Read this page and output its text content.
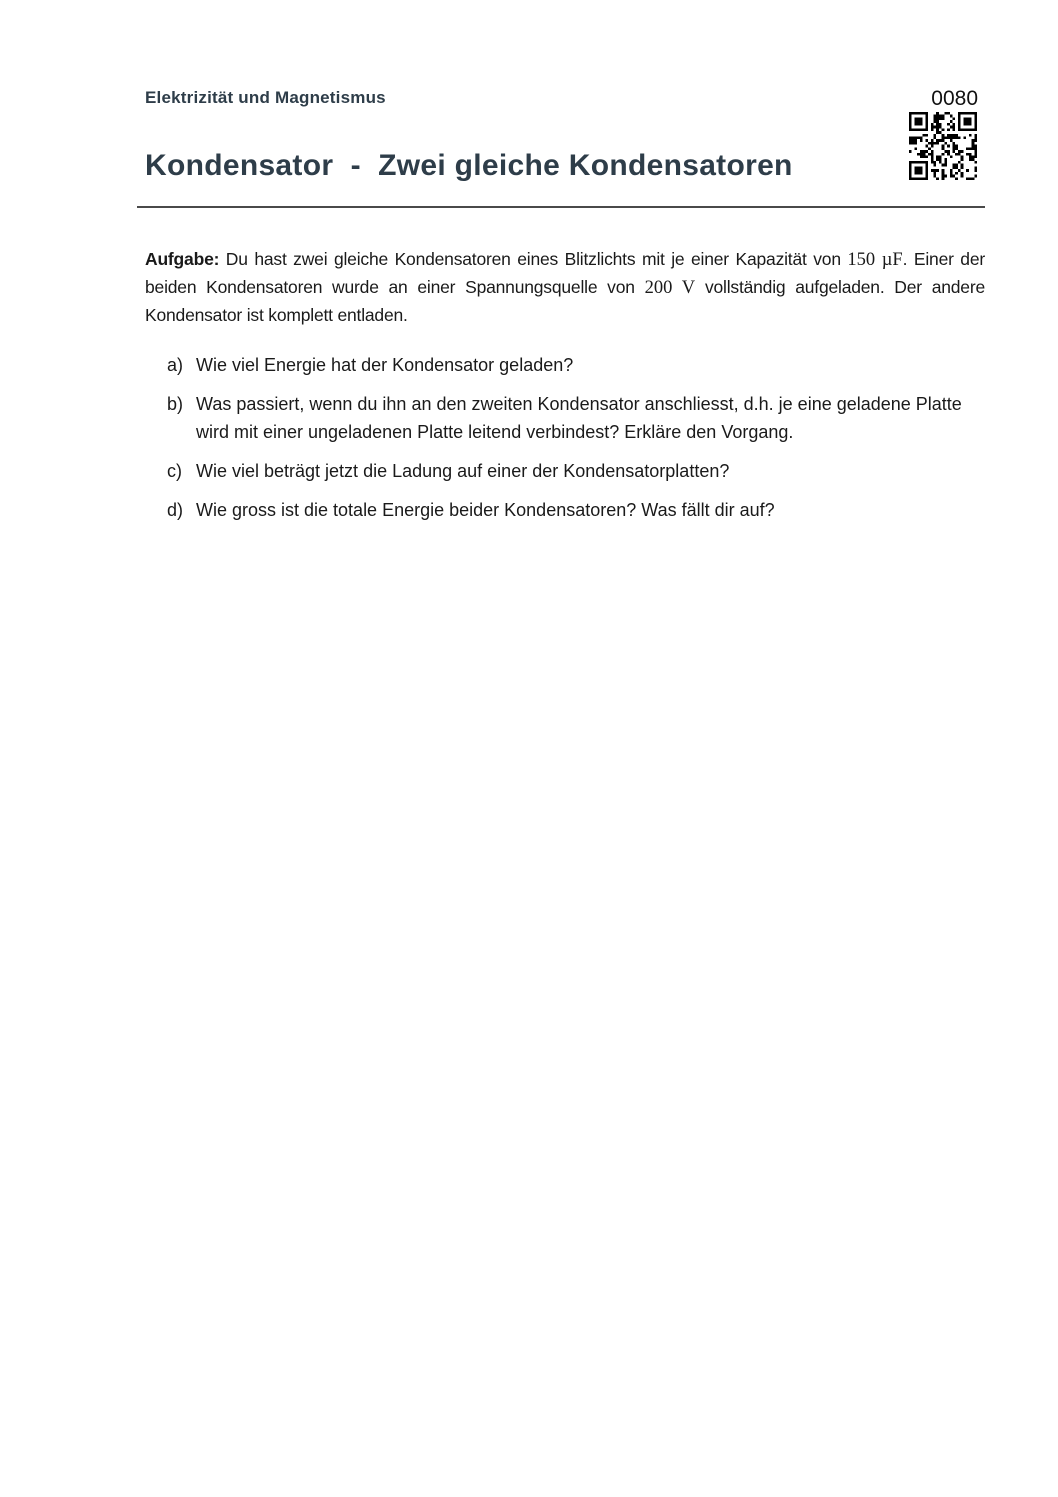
Elektrizität und Magnetismus	0080
Kondensator  -  Zwei gleiche Kondensatoren

Aufgabe: Du hast zwei gleiche Kondensatoren eines Blitzlichts mit je einer Kapazität von 150 µF. Einer der beiden Kondensatoren wurde an einer Spannungsquelle von 200 V vollständig aufgeladen. Der andere Kondensator ist komplett entladen.

a) Wie viel Energie hat der Kondensator geladen?
b) Was passiert, wenn du ihn an den zweiten Kondensator anschliesst, d.h. je eine geladene Platte wird mit einer ungeladenen Platte leitend verbindest? Erkläre den Vorgang.
c) Wie viel beträgt jetzt die Ladung auf einer der Kondensatorplatten?
d) Wie gross ist die totale Energie beider Kondensatoren? Was fällt dir auf?
